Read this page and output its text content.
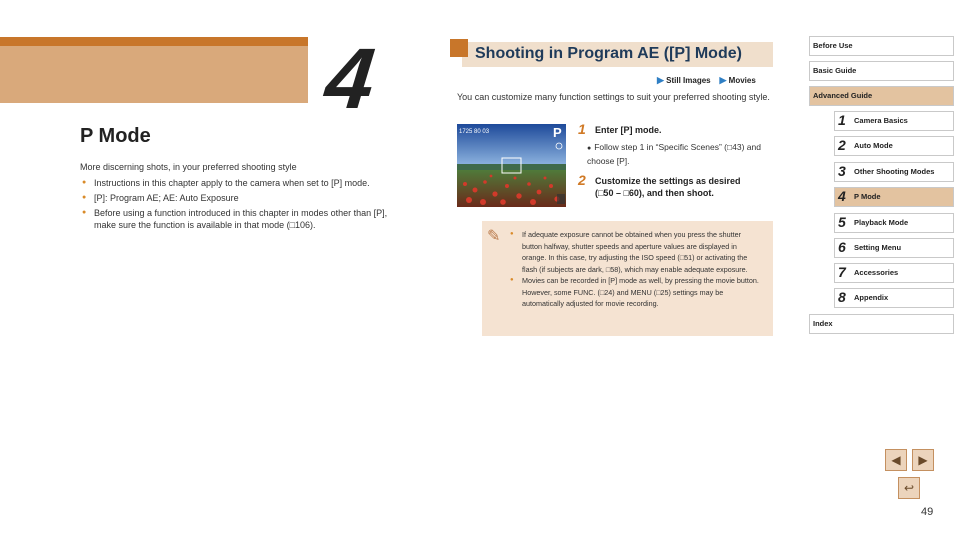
4
P Mode
More discerning shots, in your preferred shooting style
● Instructions in this chapter apply to the camera when set to [P] mode.
● [P]: Program AE; AE: Auto Exposure
● Before using a function introduced in this chapter in modes other than [P], make sure the function is available in that mode (□106).
Shooting in Program AE ([P] Mode)
▶ Still Images ▶ Movies
You can customize many function settings to suit your preferred shooting style.
1725 80 03	P 1 Enter [P] mode.
● Follow step 1 in “Specific Scenes” (□43) and choose [P].
2 Customize the settings as desired
(□50 – □60), and then shoot.
✎
●	If adequate exposure cannot be obtained when you press the shutter button halfway, shutter speeds and aperture values are displayed in orange. In this case, try adjusting the ISO speed (□51) or activating the flash (if subjects are dark, □58), which may enable adequate exposure.
● Movies can be recorded in [P] mode as well, by pressing the movie button. However, some FUNC. (□24) and MENU (□25) settings may be automatically adjusted for movie recording.
Before Use
Basic Guide
Advanced Guide
1 Camera Basics
2 Auto Mode
3 Other Shooting Modes
4 P Mode
5 Playback Mode
6 Setting Menu
7 Accessories
8 Appendix
Index
◀	▶
↩
49
